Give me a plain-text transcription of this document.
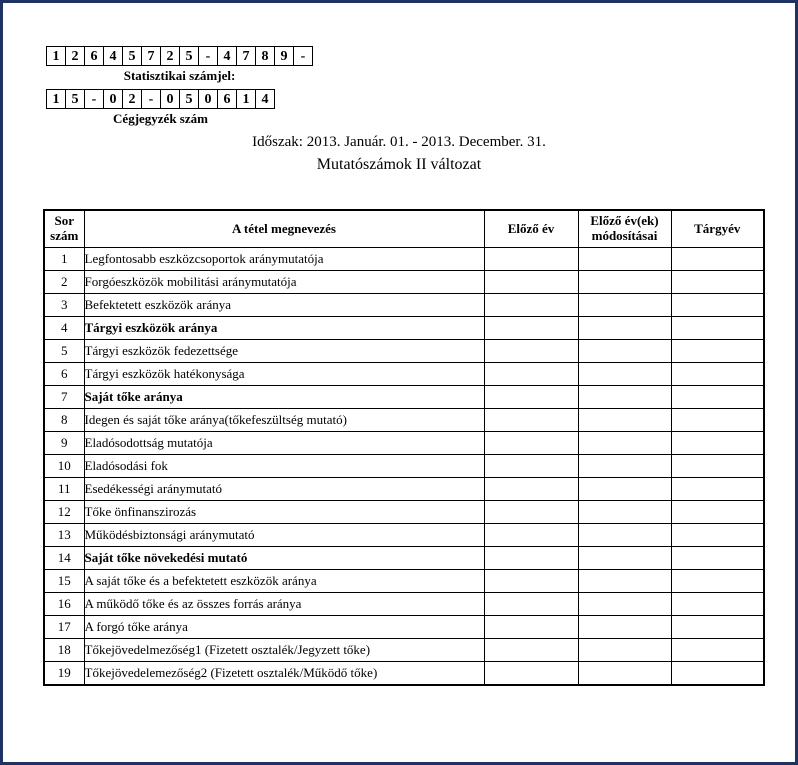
1 2 6 4 5 7 2 5 - 4 7 8 9 -
Statisztikai számjel:
1 5 - 0 2 - 0 5 0 6 1 4
Cégjegyzék szám
Időszak: 2013. Január. 01. - 2013. December. 31.
Mutatószámok II változat
Sor szám	A tétel megnevezés	Előző év	Előző év(ek) módosításai	Tárgyév
1	Legfontosabb eszközcsoportok aránymutatója			
2	Forgóeszközök mobilitási aránymutatója			
3	Befektetett eszközök aránya			
4	Tárgyi eszközök aránya			
5	Tárgyi eszközök fedezettsége			
6	Tárgyi eszközök hatékonysága			
7	Saját tőke aránya			
8	Idegen és saját tőke aránya(tőkefeszültség mutató)			
9	Eladósodottság mutatója			
10	Eladósodási fok			
11	Esedékességi aránymutató			
12	Tőke önfinanszirozás			
13	Működésbiztonsági aránymutató			
14	Saját tőke növekedési mutató			
15	A saját tőke és a befektetett eszközök aránya			
16	A működő tőke és az összes forrás aránya			
17	A forgó tőke aránya			
18	Tőkejövedelmezőség1 (Fizetett osztalék/Jegyzett tőke)			
19	Tőkejövedelemezőség2 (Fizetett osztalék/Működő tőke)			
